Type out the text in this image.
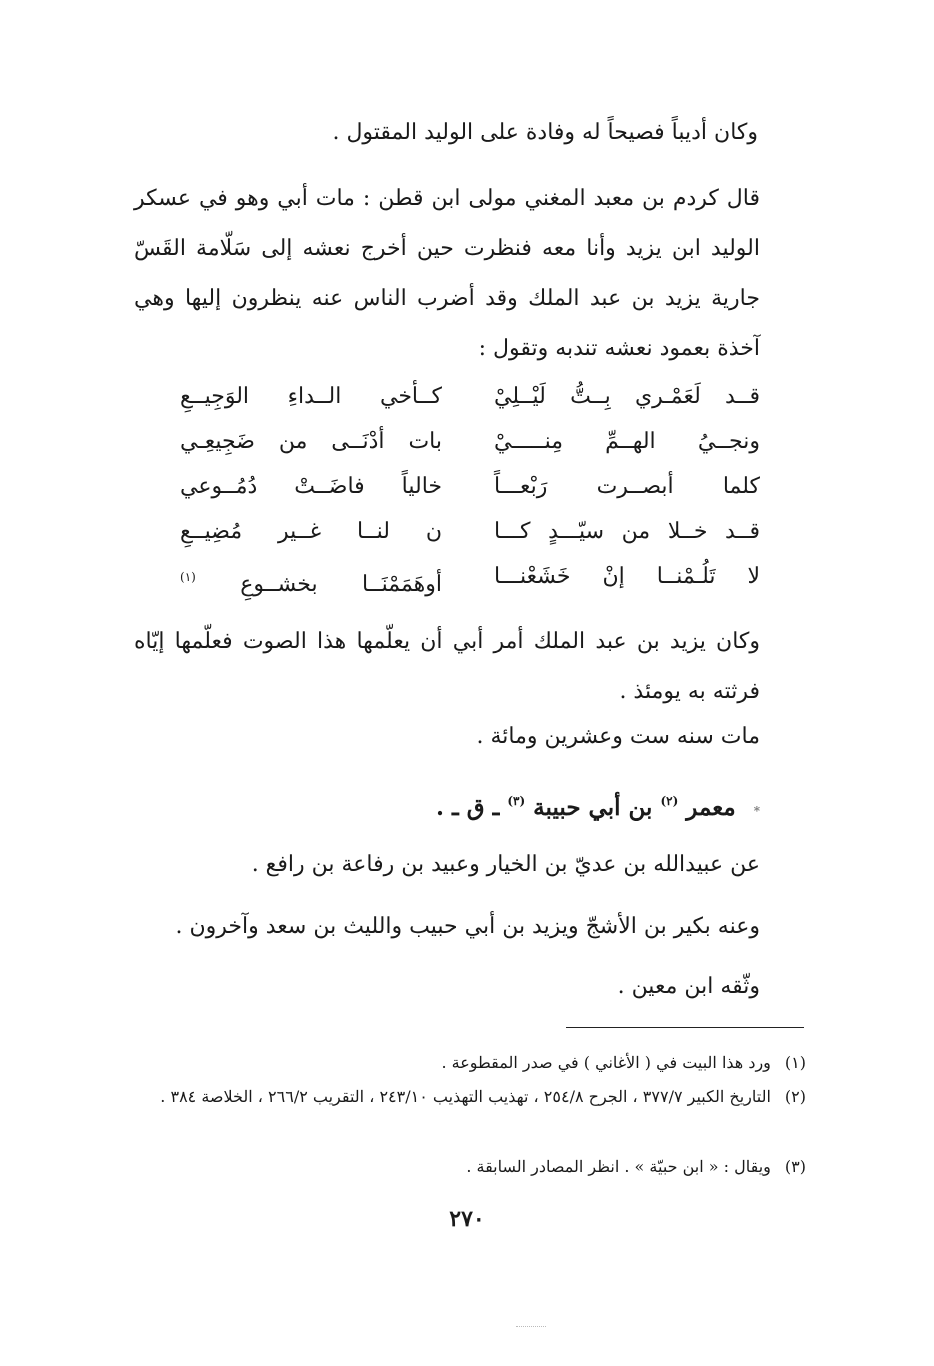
وكان أديباً فصيحاً له وفادة على الوليد المقتول .
قال كردم بن معبد المغني مولى ابن قطن : مات أبي وهو في عسكر الوليد ابن يزيد وأنا معه فنظرت حين أخرج نعشه إلى سَلّامة القَسّ جارية يزيد بن عبد الملك وقد أضرب الناس عنه ينظرون إليها وهي آخذة بعمود نعشه تندبه وتقول :
قــد لَعَمْـري بِــتُّ لَيْــلِيْ
كــأخي الــداءِ الوَجِيــعِ
ونجــيُ الهــمِّ مِنـــــيْ
بات أدْنَــى من ضَجِيعِـي
كلما أبصــرت رَبْعـــاً
خالياً فاضَــتْ دُمُــوعي
قــد خــلا من سيّـــدٍ كـــا
ن لنــا غــير مُضِيــعِ
لا تَلُـمْنــا إنْ خَشَعْنـــا
أوهَمَمْنَــا بخشــوعِ $^{(١)}$
وكان يزيد بن عبد الملك أمر أبي أن يعلّمها هذا الصوت فعلّمها إيّاه فرثته به يومئذ .
مات سنه ست وعشرين ومائة .
* معمر $^{(٢)}$ بن أبي حبيبة $^{(٣)}$ ـ ق ـ .
عن عبيدالله بن عديّ بن الخيار وعبيد بن رفاعة بن رافع .
وعنه بكير بن الأشجّ ويزيد بن أبي حبيب والليث بن سعد وآخرون .
وثّقه ابن معين .
(١) ورد هذا البيت في ( الأغاني ) في صدر المقطوعة .
(٢) التاريخ الكبير ٣٧٧/٧ ، الجرح ٢٥٤/٨ ، تهذيب التهذيب ٢٤٣/١٠ ، التقريب ٢٦٦/٢ ، الخلاصة ٣٨٤ .
(٣) ويقال : « ابن حبيّة » . انظر المصادر السابقة .
٢٧٠
